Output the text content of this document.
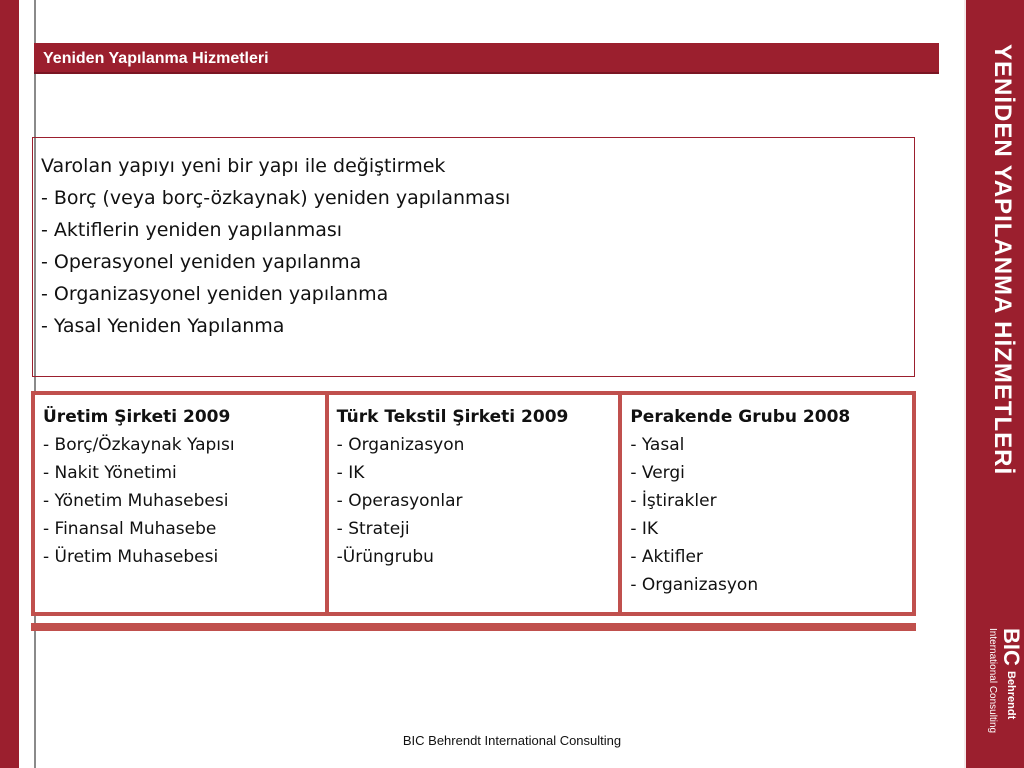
YENİDEN YAPILANMA HİZMETLERİ
BIC Behrendt International Consulting
Yeniden Yapılanma Hizmetleri
Varolan yapıyı yeni bir yapı ile değiştirmek
- Borç (veya borç-özkaynak) yeniden yapılanması
- Aktiflerin yeniden yapılanması
- Operasyonel yeniden yapılanma
- Organizasyonel yeniden yapılanma
- Yasal Yeniden Yapılanma
Üretim Şirketi 2009
- Borç/Özkaynak Yapısı
- Nakit Yönetimi
- Yönetim Muhasebesi
- Finansal Muhasebe
- Üretim Muhasebesi
Türk Tekstil Şirketi 2009
- Organizasyon
- IK
- Operasyonlar
- Strateji
-Ürüngrubu
Perakende Grubu 2008
- Yasal
- Vergi
- İştirakler
- IK
- Aktifler
- Organizasyon
BIC Behrendt International Consulting
